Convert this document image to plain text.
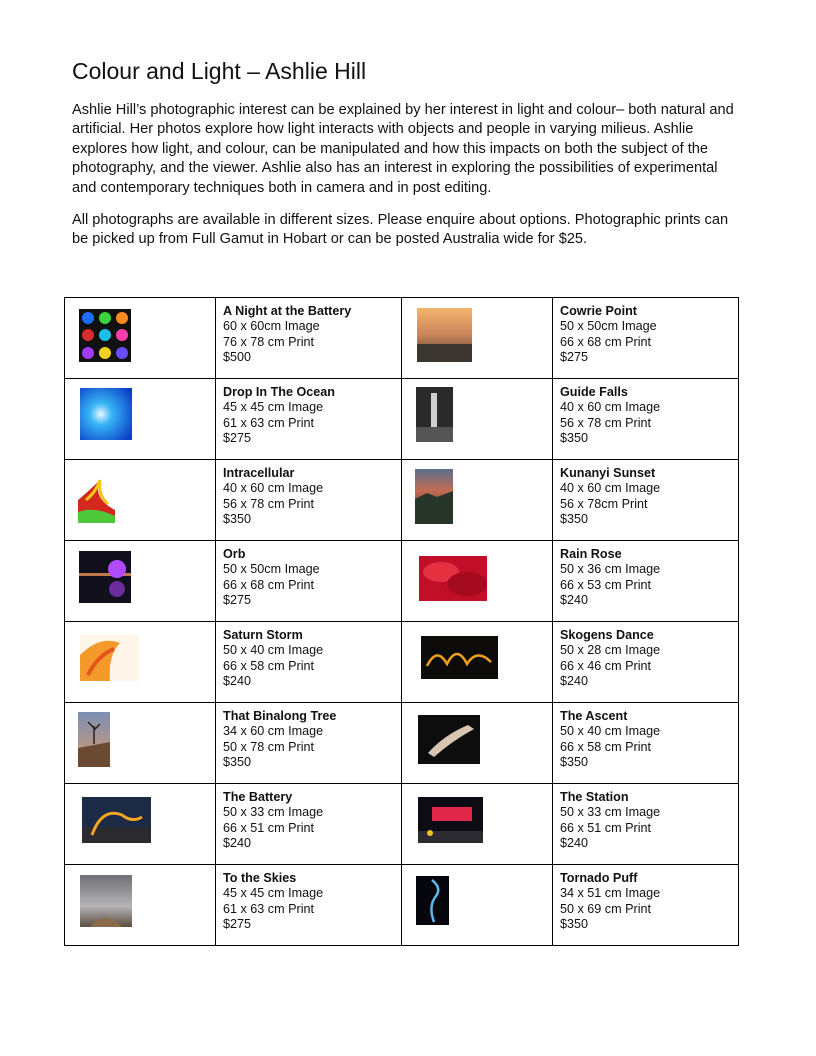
Colour and Light – Ashlie Hill

Ashlie Hill’s photographic interest can be explained by her interest in light and colour– both natural and artificial. Her photos explore how light interacts with objects and people in varying milieus. Ashlie explores how light, and colour, can be manipulated and how this impacts on both the subject of the photography, and the viewer. Ashlie also has an interest in exploring the possibilities of experimental and contemporary techniques both in camera and in post editing.

All photographs are available in different sizes. Please enquire about options. Photographic prints can be picked up from Full Gamut in Hobart or can be posted Australia wide for $25.

A Night at the Battery
60 x 60cm Image
76 x 78 cm Print
$500		Cowrie Point
50 x 50cm Image
66 x 68 cm Print
$275

Drop In The Ocean
45 x 45 cm Image
61 x 63 cm Print
$275		Guide Falls
40 x 60 cm Image
56 x 78 cm Print
$350

Intracellular
40 x 60 cm Image
56 x 78 cm Print
$350		Kunanyi Sunset
40 x 60 cm Image
56 x 78cm Print
$350

Orb
50 x 50cm Image
66 x 68 cm Print
$275		Rain Rose
50 x 36 cm Image
66 x 53 cm Print
$240

Saturn Storm
50 x 40 cm Image
66 x 58 cm Print
$240		Skogens Dance
50 x 28 cm Image
66 x 46 cm Print
$240

That Binalong Tree
34 x 60 cm Image
50 x 78 cm Print
$350		The Ascent
50 x 40 cm Image
66 x 58 cm Print
$350

The Battery
50 x 33 cm Image
66 x 51 cm Print
$240		The Station
50 x 33 cm Image
66 x 51 cm Print
$240

To the Skies
45 x 45 cm Image
61 x 63 cm Print
$275		Tornado Puff
34 x 51 cm Image
50 x 69 cm Print
$350
